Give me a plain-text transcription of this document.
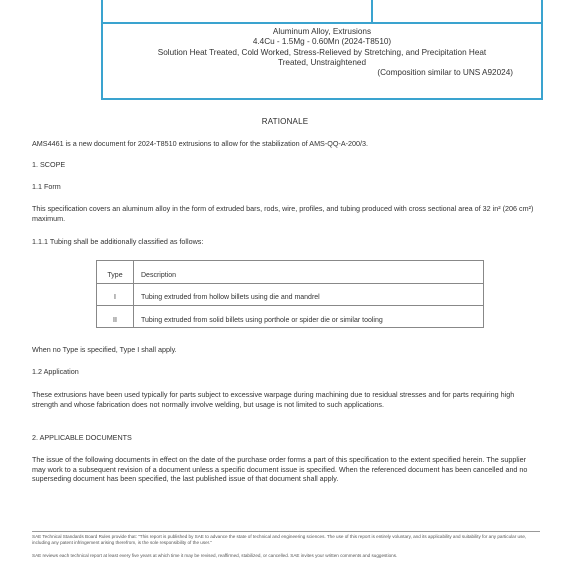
Aluminum Alloy, Extrusions
4.4Cu - 1.5Mg - 0.60Mn (2024-T8510)
Solution Heat Treated, Cold Worked, Stress-Relieved by Stretching, and Precipitation Heat
Treated, Unstraightened
(Composition similar to UNS A92024)
RATIONALE
AMS4461 is a new document for 2024-T8510 extrusions to allow for the stabilization of AMS-QQ-A-200/3.
1. SCOPE
1.1 Form
This specification covers an aluminum alloy in the form of extruded bars, rods, wire, profiles, and tubing produced with cross sectional area of 32 in² (206 cm²) maximum.
1.1.1 Tubing shall be additionally classified as follows:
Type	Description
I	Tubing extruded from hollow billets using die and mandrel
II	Tubing extruded from solid billets using porthole or spider die or similar tooling
When no Type is specified, Type I shall apply.
1.2 Application
These extrusions have been used typically for parts subject to excessive warpage during machining due to residual stresses and for parts requiring high strength and whose fabrication does not normally involve welding, but usage is not limited to such applications.
2. APPLICABLE DOCUMENTS
The issue of the following documents in effect on the date of the purchase order forms a part of this specification to the extent specified herein. The supplier may work to a subsequent revision of a document unless a specific document issue is specified. When the referenced document has been cancelled and no superseding document has been specified, the last published issue of that document shall apply.
SAE Technical Standards Board Rules provide that: "This report is published by SAE to advance the state of technical and engineering sciences. The use of this report is entirely voluntary, and its applicability and suitability for any particular use, including any patent infringement arising therefrom, is the sole responsibility of the user."
SAE reviews each technical report at least every five years at which time it may be revised, reaffirmed, stabilized, or cancelled. SAE invites your written comments and suggestions.
